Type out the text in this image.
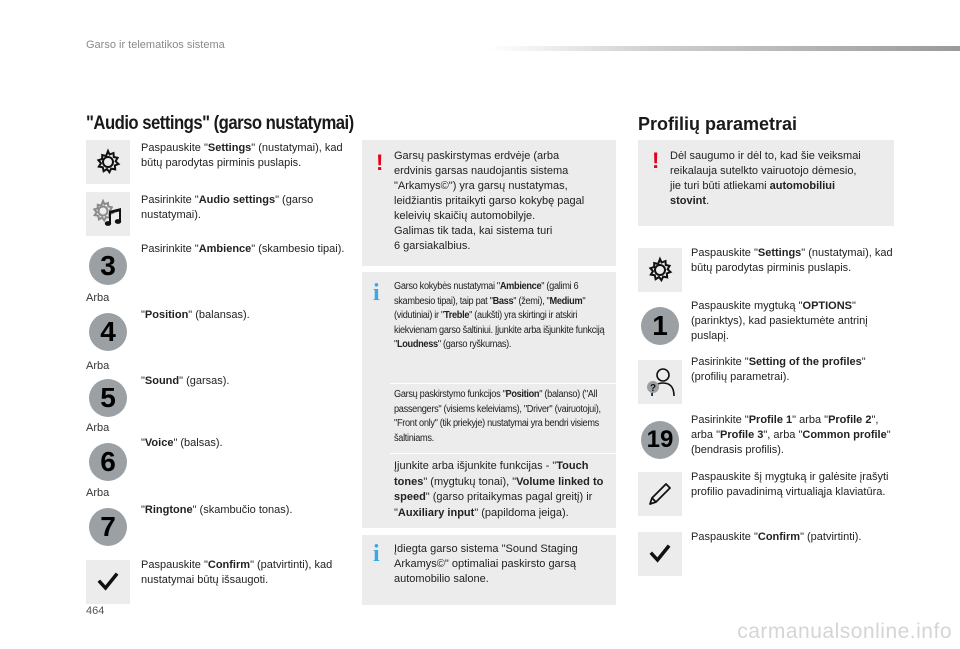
Garso ir telematikos sistema
"Audio settings" (garso nustatymai)
Paspauskite "Settings" (nustatymai), kad būtų parodytas pirminis puslapis.
Pasirinkite "Audio settings" (garso nustatymai).
3
Pasirinkite "Ambience" (skambesio tipai).
Arba
4
"Position" (balansas).
Arba
5
"Sound" (garsas).
Arba
6
"Voice" (balsas).
Arba
7
"Ringtone" (skambučio tonas).
Paspauskite "Confirm" (patvirtinti), kad nustatymai būtų išsaugoti.
! Garsų paskirstymas erdvėje (arba
erdvinis garsas naudojantis sistema
"Arkamys©") yra garsų nustatymas,
leidžiantis pritaikyti garso kokybę pagal
keleivių skaičių automobilyje.
Galimas tik tada, kai sistema turi
6 garsiakalbius.
i Garso kokybės nustatymai "Ambience" (galimi 6 skambesio tipai), taip pat "Bass" (žemi), "Medium" (vidutiniai) ir "Treble" (aukšti) yra skirtingi ir atskiri kiekvienam garso šaltiniui. Įjunkite arba išjunkite funkciją "Loudness" (garso ryškumas).
Garsų paskirstymo funkcijos "Position" (balanso) ("All passengers" (visiems keleiviams), "Driver" (vairuotojui), "Front only" (tik priekyje) nustatymai yra bendri visiems šaltiniams.
Įjunkite arba išjunkite funkcijas - "Touch tones" (mygtukų tonai), "Volume linked to speed" (garso pritaikymas pagal greitį) ir "Auxiliary input" (papildoma įeiga).
i Įdiegta garso sistema "Sound Staging
Arkamys©" optimaliai paskirsto garsą
automobilio salone.
Profilių parametrai
! Dėl saugumo ir dėl to, kad šie veiksmai reikalauja sutelkto vairuotojo dėmesio, jie turi būti atliekami automobiliui stovint.
Paspauskite "Settings" (nustatymai), kad būtų parodytas pirminis puslapis.
1
Paspauskite mygtuką "OPTIONS" (parinktys), kad pasiektumėte antrinį puslapį.
?
Pasirinkite "Setting of the profiles" (profilių parametrai).
19
Pasirinkite "Profile 1" arba "Profile 2", arba "Profile 3", arba "Common profile" (bendrasis profilis).
Paspauskite šį mygtuką ir galėsite įrašyti profilio pavadinimą virtualiąja klaviatūra.
Paspauskite "Confirm" (patvirtinti).
464
carmanualsonline.info
